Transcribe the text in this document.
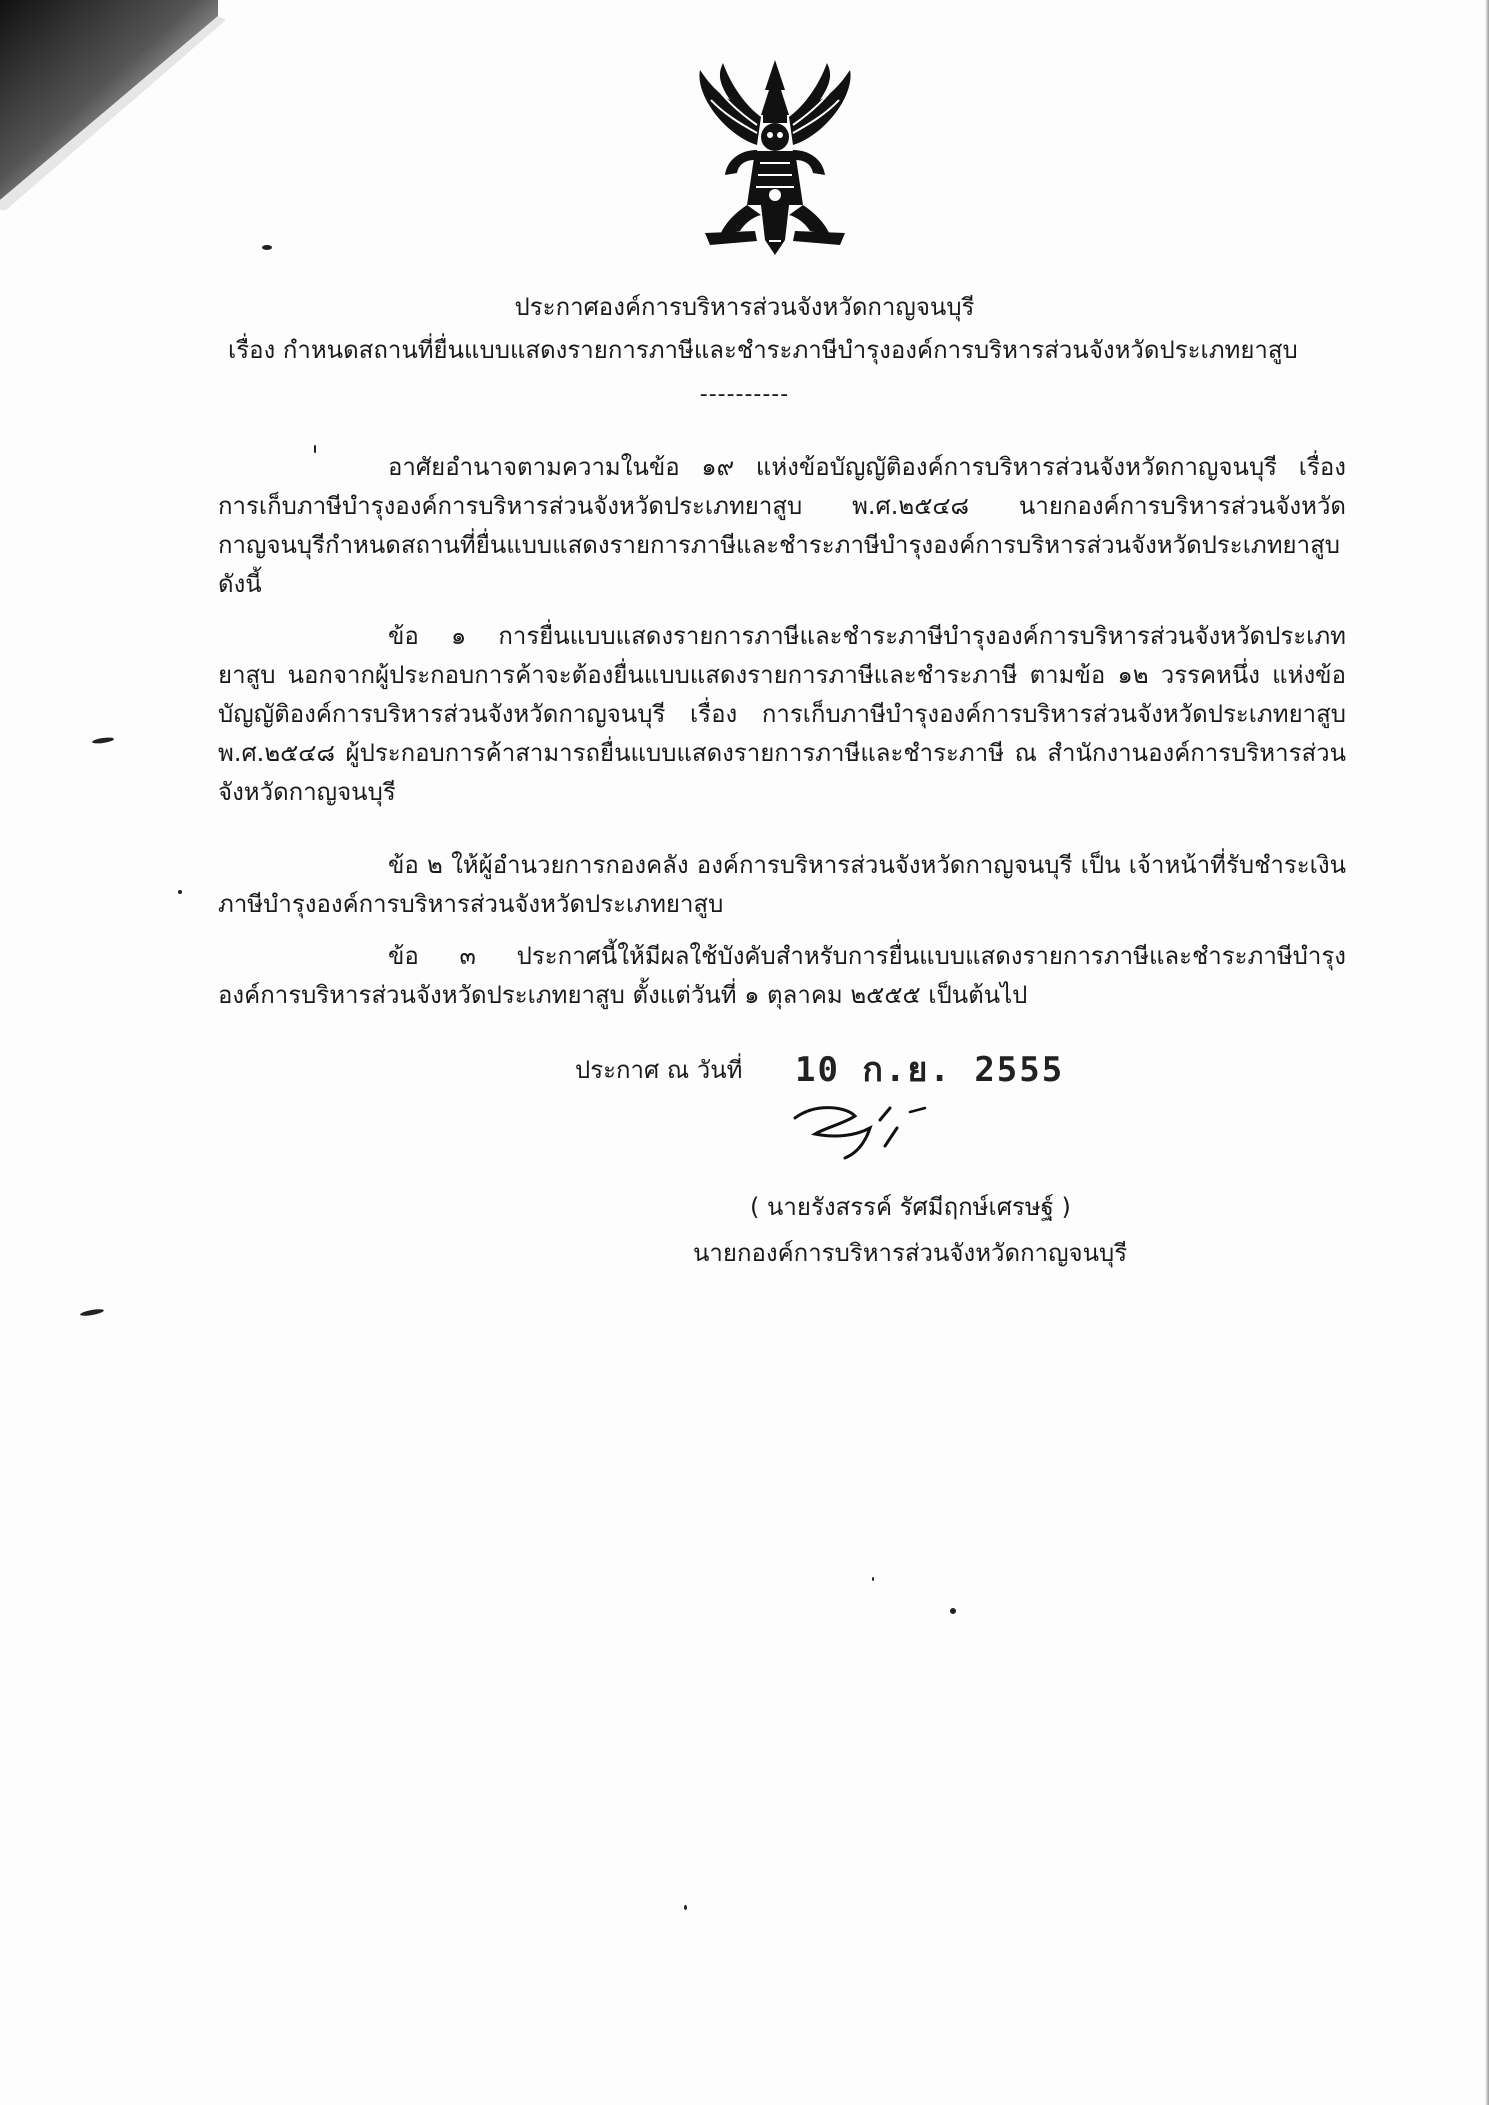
ประกาศองค์การบริหารส่วนจังหวัดกาญจนบุรี
เรื่อง กำหนดสถานที่ยื่นแบบแสดงรายการภาษีและชำระภาษีบำรุงองค์การบริหารส่วนจังหวัดประเภทยาสูบ
----------
อาศัยอำนาจตามความในข้อ ๑๙ แห่งข้อบัญญัติองค์การบริหารส่วนจังหวัดกาญจนบุรี เรื่อง การเก็บภาษีบำรุงองค์การบริหารส่วนจังหวัดประเภทยาสูบ พ.ศ.๒๕๔๘ นายกองค์การบริหารส่วนจังหวัดกาญจนบุรีกำหนดสถานที่ยื่นแบบแสดงรายการภาษีและชำระภาษีบำรุงองค์การบริหารส่วนจังหวัดประเภทยาสูบ ดังนี้
ข้อ ๑ การยื่นแบบแสดงรายการภาษีและชำระภาษีบำรุงองค์การบริหารส่วนจังหวัดประเภทยาสูบ นอกจากผู้ประกอบการค้าจะต้องยื่นแบบแสดงรายการภาษีและชำระภาษี ตามข้อ ๑๒ วรรคหนึ่ง แห่งข้อบัญญัติองค์การบริหารส่วนจังหวัดกาญจนบุรี เรื่อง การเก็บภาษีบำรุงองค์การบริหารส่วนจังหวัดประเภทยาสูบ พ.ศ.๒๕๔๘ ผู้ประกอบการค้าสามารถยื่นแบบแสดงรายการภาษีและชำระภาษี ณ สำนักงานองค์การบริหารส่วนจังหวัดกาญจนบุรี
ข้อ ๒ ให้ผู้อำนวยการกองคลัง องค์การบริหารส่วนจังหวัดกาญจนบุรี เป็น เจ้าหน้าที่รับชำระเงินภาษีบำรุงองค์การบริหารส่วนจังหวัดประเภทยาสูบ
ข้อ ๓ ประกาศนี้ให้มีผลใช้บังคับสำหรับการยื่นแบบแสดงรายการภาษีและชำระภาษีบำรุงองค์การบริหารส่วนจังหวัดประเภทยาสูบ ตั้งแต่วันที่ ๑ ตุลาคม ๒๕๕๕ เป็นต้นไป
ประกาศ ณ วันที่ 10 ก.ย. 2555
( นายรังสรรค์ รัศมีฤกษ์เศรษฐ์ )
นายกองค์การบริหารส่วนจังหวัดกาญจนบุรี
